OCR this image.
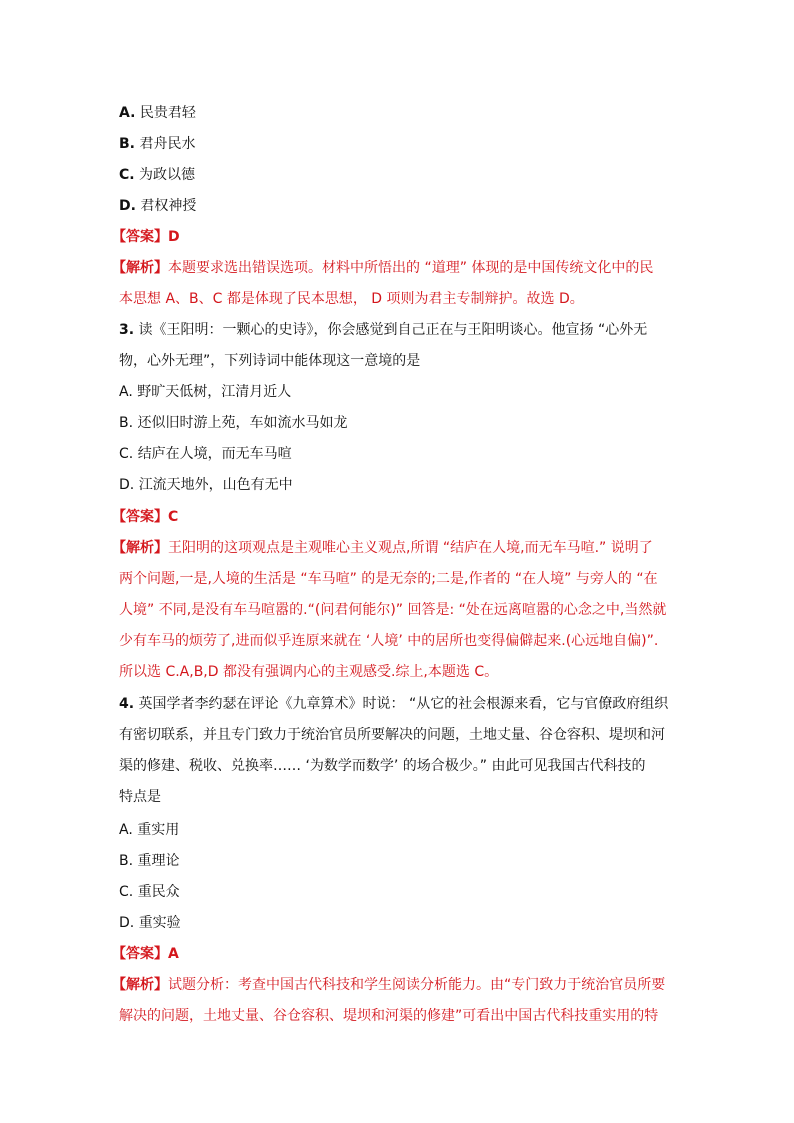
A. 民贵君轻
B. 君舟民水
C. 为政以德
D. 君权神授
【答案】D
【解析】本题要求选出错误选项。材料中所悟出的 “道理” 体现的是中国传统文化中的民
本思想 A、B、C 都是体现了民本思想， D 项则为君主专制辩护。故选 D。
3. 读《王阳明：一颗心的史诗》，你会感觉到自己正在与王阳明谈心。他宣扬 “心外无
物，心外无理”，下列诗词中能体现这一意境的是
A. 野旷天低树，江清月近人
B. 还似旧时游上苑，车如流水马如龙
C. 结庐在人境，而无车马喧
D. 江流天地外，山色有无中
【答案】C
【解析】王阳明的这项观点是主观唯心主义观点,所谓 “结庐在人境,而无车马喧.” 说明了
两个问题,一是,人境的生活是 “车马喧” 的是无奈的;二是,作者的 “在人境” 与旁人的 “在
人境” 不同,是没有车马喧嚣的.“(问君何能尔)” 回答是: “处在远离喧嚣的心念之中,当然就
少有车马的烦劳了,进而似乎连原来就在 ‘人境’ 中的居所也变得偏僻起来.(心远地自偏)”.
所以选 C.A,B,D 都没有强调内心的主观感受.综上,本题选 C。
4. 英国学者李约瑟在评论《九章算术》时说： “从它的社会根源来看，它与官僚政府组织
有密切联系，并且专门致力于统治官员所要解决的问题，土地丈量、谷仓容积、堤坝和河
渠的修建、税收、兑换率…… ‘为数学而数学’ 的场合极少。” 由此可见我国古代科技的
特点是
A. 重实用
B. 重理论
C. 重民众
D. 重实验
【答案】A
【解析】试题分析：考查中国古代科技和学生阅读分析能力。由“专门致力于统治官员所要
解决的问题，土地丈量、谷仓容积、堤坝和河渠的修建”可看出中国古代科技重实用的特
